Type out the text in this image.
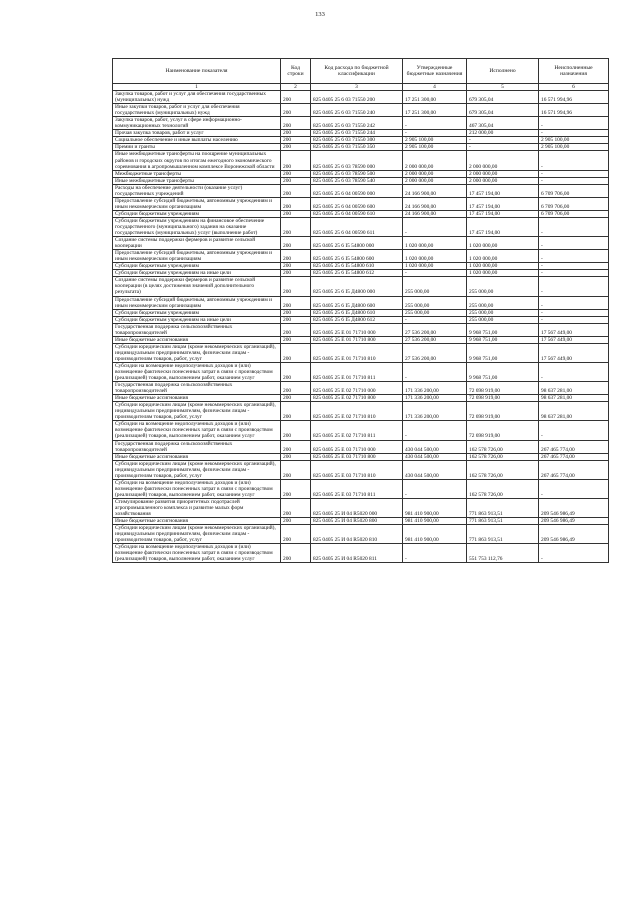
133
Наименование показателя	Код строки	Код расхода по бюджетной классификации	Утвержденные бюджетные назначения	Исполнено	Неисполненные назначения
1	2	3	4	5	6
Закупка товаров, работ и услуг для обеспечения государственных (муниципальных) нужд	200	825 0405 25 6 03 71550 200	17 251 300,00	679 305,04	16 571 994,96
Иные закупки товаров, работ и услуг для обеспечения государственных (муниципальных) нужд	200	825 0405 25 6 03 71550 240	17 251 300,00	679 305,04	16 571 994,96
Закупка товаров, работ, услуг в сфере информационно-коммуникационных технологий	200	825 0405 25 6 03 71550 242	-	467 305,04	-
Прочая закупка товаров, работ и услуг	200	825 0405 25 6 03 71550 244	-	212 000,00	-
Социальное обеспечение и иные выплаты населению	200	825 0405 25 6 03 71550 300	2 905 100,00	-	2 905 100,00
Премии и гранты	200	825 0405 25 6 03 71550 350	2 905 100,00	-	2 905 100,00
Иные межбюджетные трансферты на поощрение муниципальных районов и городских округов по итогам ежегодного экономического соревнования в агропромышленном комплексе Воронежской области	200	825 0405 25 6 03 78590 000	2 000 000,00	2 000 000,00	-
Межбюджетные трансферты	200	825 0405 25 6 03 78590 500	2 000 000,00	2 000 000,00	-
Иные межбюджетные трансферты	200	825 0405 25 6 03 78590 540	2 000 000,00	2 000 000,00	-
Расходы на обеспечение деятельности (оказание услуг) государственных учреждений	200	825 0405 25 6 04 00590 000	24 166 900,00	17 457 194,00	6 709 706,00
Предоставление субсидий бюджетным, автономным учреждениям и иным некоммерческим организациям	200	825 0405 25 6 04 00590 600	24 166 900,00	17 457 194,00	6 709 706,00
Субсидии бюджетным учреждениям	200	825 0405 25 6 04 00590 610	24 166 900,00	17 457 194,00	6 709 706,00
Субсидии бюджетным учреждениям на финансовое обеспечение государственного (муниципального) задания на оказание государственных (муниципальных) услуг (выполнение работ)	200	825 0405 25 6 04 00590 611	-	17 457 194,00	-
Создание системы поддержки фермеров и развитие сельской кооперации	200	825 0405 25 6 I5 54800 000	1 020 000,00	1 020 000,00	-
Предоставление субсидий бюджетным, автономным учреждениям и иным некоммерческим организациям	200	825 0405 25 6 I5 54800 600	1 020 000,00	1 020 000,00	-
Субсидии бюджетным учреждениям	200	825 0405 25 6 I5 54800 610	1 020 000,00	1 020 000,00	-
Субсидии бюджетным учреждениям на иные цели	200	825 0405 25 6 I5 54800 612	-	1 020 000,00	-
Создание системы поддержки фермеров и развитие сельской кооперации (в целях достижения значений дополнительного результата)	200	825 0405 25 6 I5 Д4800 000	255 000,00	255 000,00	-
Предоставление субсидий бюджетным, автономным учреждениям и иным некоммерческим организациям	200	825 0405 25 6 I5 Д4800 600	255 000,00	255 000,00	-
Субсидии бюджетным учреждениям	200	825 0405 25 6 I5 Д4800 610	255 000,00	255 000,00	-
Субсидии бюджетным учреждениям на иные цели	200	825 0405 25 6 I5 Д4800 612	-	255 000,00	-
Государственная поддержка сельскохозяйственных товаропроизводителей	200	825 0405 25 E 01 71710 000	27 536 200,00	9 968 751,00	17 567 449,00
Иные бюджетные ассигнования	200	825 0405 25 E 01 71710 800	27 536 200,00	9 968 751,00	17 567 449,00
Субсидии юридическим лицам (кроме некоммерческих организаций), индивидуальным предпринимателям, физическим лицам - производителям товаров, работ, услуг	200	825 0405 25 E 01 71710 810	27 536 200,00	9 968 751,00	17 567 449,00
Субсидии на возмещение недополученных доходов и (или) возмещение фактически понесенных затрат в связи с производством (реализацией) товаров, выполнением работ, оказанием услуг	200	825 0405 25 E 01 71710 811	-	9 968 751,00	-
Государственная поддержка сельскохозяйственных товаропроизводителей	200	825 0405 25 E 02 71710 000	171 336 200,00	72 698 919,00	98 637 281,00
Иные бюджетные ассигнования	200	825 0405 25 E 02 71710 800	171 336 200,00	72 698 919,00	98 637 281,00
Субсидии юридическим лицам (кроме некоммерческих организаций), индивидуальным предпринимателям, физическим лицам - производителям товаров, работ, услуг	200	825 0405 25 E 02 71710 810	171 336 200,00	72 698 919,00	98 637 281,00
Субсидии на возмещение недополученных доходов и (или) возмещение фактически понесенных затрат в связи с производством (реализацией) товаров, выполнением работ, оказанием услуг	200	825 0405 25 E 02 71710 811	-	72 698 919,00	-
Государственная поддержка сельскохозяйственных товаропроизводителей	200	825 0405 25 E 03 71710 000	430 044 500,00	162 578 726,00	267 465 774,00
Иные бюджетные ассигнования	200	825 0405 25 E 03 71710 800	430 044 500,00	162 578 726,00	267 465 774,00
Субсидии юридическим лицам (кроме некоммерческих организаций), индивидуальным предпринимателям, физическим лицам - производителям товаров, работ, услуг	200	825 0405 25 E 03 71710 810	430 044 500,00	162 578 726,00	267 465 774,00
Субсидии на возмещение недополученных доходов и (или) возмещение фактически понесенных затрат в связи с производством (реализацией) товаров, выполнением работ, оказанием услуг	200	825 0405 25 E 03 71710 811	-	162 578 726,00	-
Стимулирование развития приоритетных подотраслей агропромышленного комплекса и развитие малых форм хозяйствования	200	825 0405 25 И 04 R5020 000	981 410 900,00	771 863 913,51	209 546 986,49
Иные бюджетные ассигнования	200	825 0405 25 И 04 R5020 800	981 410 900,00	771 863 913,51	209 546 986,49
Субсидии юридическим лицам (кроме некоммерческих организаций), индивидуальным предпринимателям, физическим лицам - производителям товаров, работ, услуг	200	825 0405 25 И 04 R5020 810	981 410 900,00	771 863 913,51	209 546 986,49
Субсидии на возмещение недополученных доходов и (или) возмещение фактически понесенных затрат в связи с производством (реализацией) товаров, выполнением работ, оказанием услуг	200	825 0405 25 И 04 R5020 811	-	551 753 112,76	-
